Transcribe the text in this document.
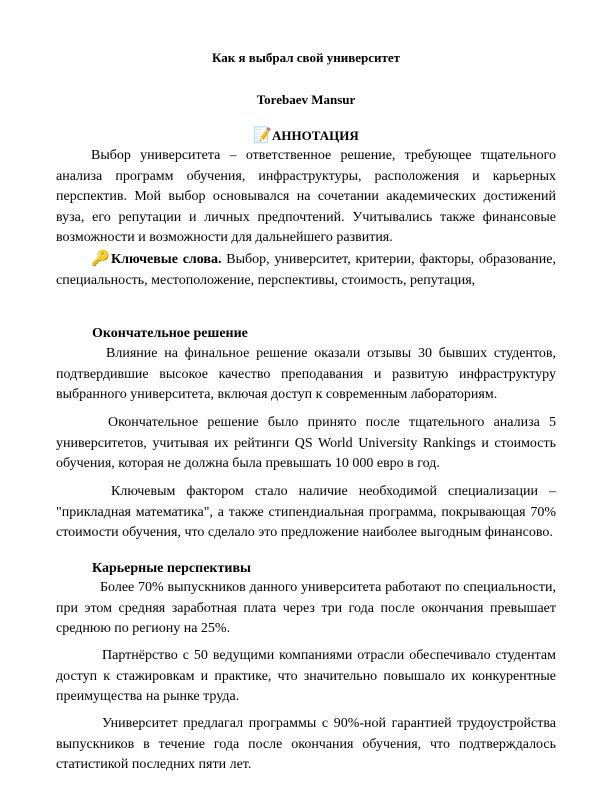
Как я выбрал свой университет
Torebaev Mansur
📝АННОТАЦИЯ
Выбор университета – ответственное решение, требующее тщательного анализа программ обучения, инфраструктуры, расположения и карьерных перспектив. Мой выбор основывался на сочетании академических достижений вуза, его репутации и личных предпочтений. Учитывались также финансовые возможности и возможности для дальнейшего развития.
🔑Ключевые слова. Выбор, университет, критерии, факторы, образование, специальность, местоположение, перспективы, стоимость, репутация,
Окончательное решение
Влияние на финальное решение оказали отзывы 30 бывших студентов, подтвердившие высокое качество преподавания и развитую инфраструктуру выбранного университета, включая доступ к современным лабораториям.
Окончательное решение было принято после тщательного анализа 5 университетов, учитывая их рейтинги QS World University Rankings и стоимость обучения, которая не должна была превышать 10 000 евро в год.
Ключевым фактором стало наличие необходимой специализации – "прикладная математика", а также стипендиальная программа, покрывающая 70% стоимости обучения, что сделало это предложение наиболее выгодным финансово.
Карьерные перспективы
Более 70% выпускников данного университета работают по специальности, при этом средняя заработная плата через три года после окончания превышает среднюю по региону на 25%.
Партнёрство с 50 ведущими компаниями отрасли обеспечивало студентам доступ к стажировкам и практике, что значительно повышало их конкурентные преимущества на рынке труда.
Университет предлагал программы с 90%-ной гарантией трудоустройства выпускников в течение года после окончания обучения, что подтверждалось статистикой последних пяти лет.
